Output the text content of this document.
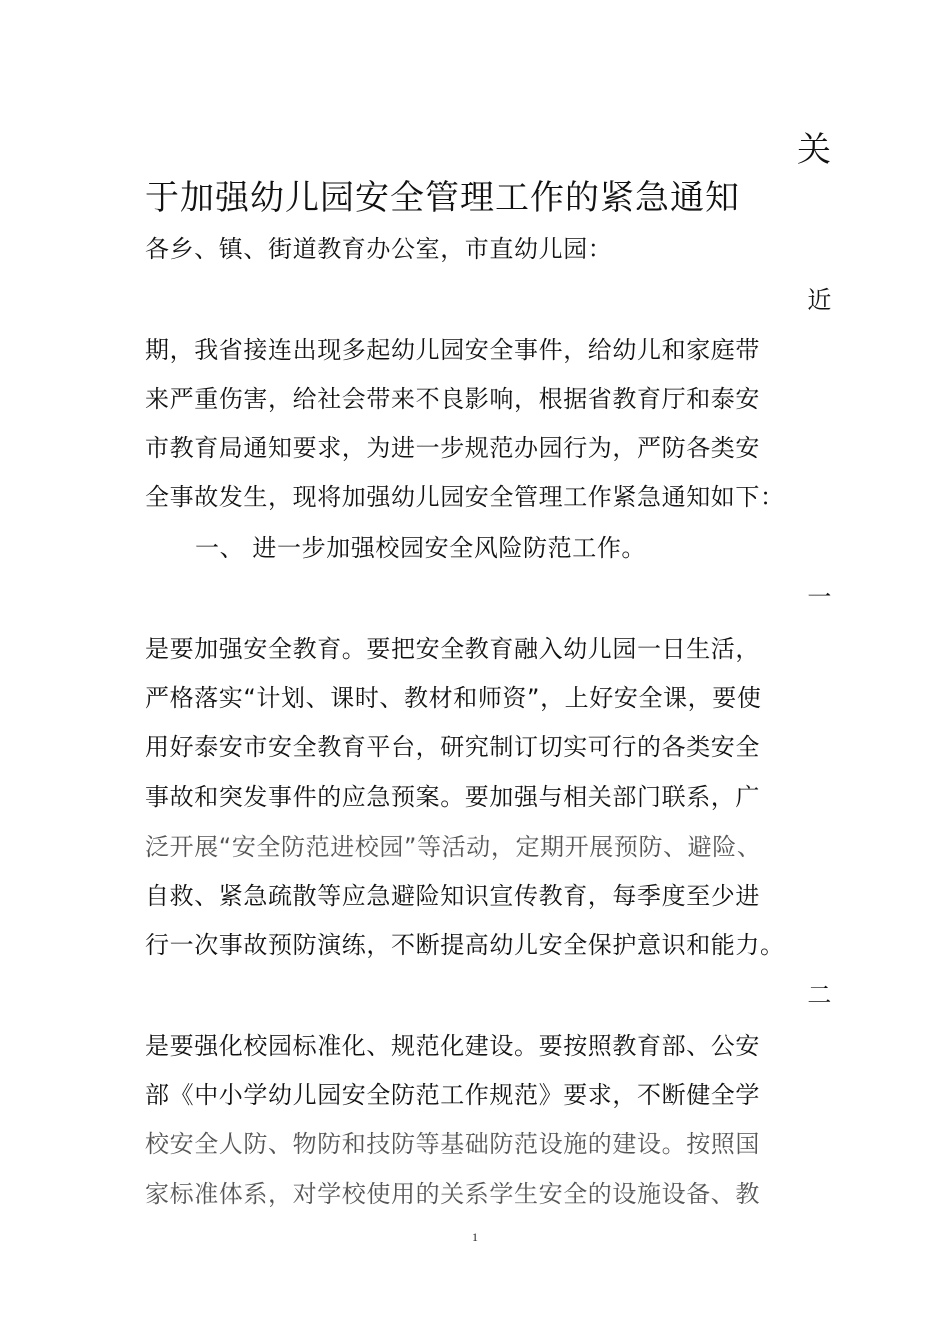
关
于加强幼儿园安全管理工作的紧急通知
各乡、镇、街道教育办公室，市直幼儿园：
近
期，我省接连出现多起幼儿园安全事件，给幼儿和家庭带
来严重伤害，给社会带来不良影响，根据省教育厅和泰安
市教育局通知要求，为进一步规范办园行为，严防各类安
全事故发生，现将加强幼儿园安全管理工作紧急通知如下：
一、 进一步加强校园安全风险防范工作。
一
是要加强安全教育。要把安全教育融入幼儿园一日生活，
严格落实“计划、课时、教材和师资”，上好安全课，要使
用好泰安市安全教育平台，研究制订切实可行的各类安全
事故和突发事件的应急预案。要加强与相关部门联系，广
泛开展“安全防范进校园”等活动，定期开展预防、避险、
自救、紧急疏散等应急避险知识宣传教育，每季度至少进
行一次事故预防演练，不断提高幼儿安全保护意识和能力。
二
是要强化校园标准化、规范化建设。要按照教育部、公安
部《中小学幼儿园安全防范工作规范》要求，不断健全学
校安全人防、物防和技防等基础防范设施的建设。按照国
家标准体系，对学校使用的关系学生安全的设施设备、教
1
